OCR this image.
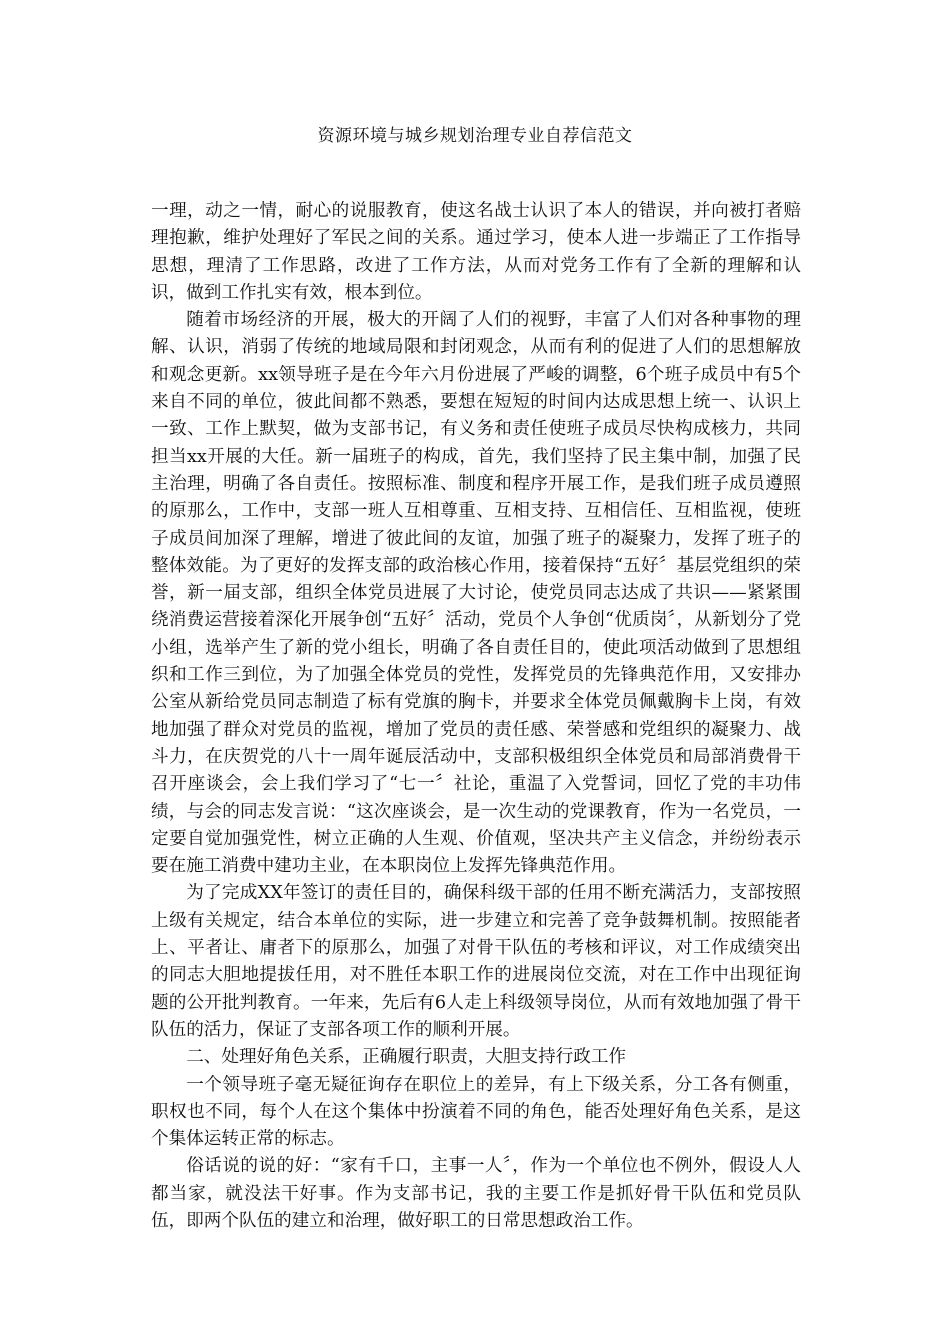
资源环境与城乡规划治理专业自荐信范文

一理，动之一情，耐心的说服教育，使这名战士认识了本人的错误，并向被打者赔理抱歉，维护处理好了军民之间的关系。通过学习，使本人进一步端正了工作指导思想，理清了工作思路，改进了工作方法，从而对党务工作有了全新的理解和认识，做到工作扎实有效，根本到位。

随着市场经济的开展，极大的开阔了人们的视野，丰富了人们对各种事物的理解、认识，消弱了传统的地域局限和封闭观念，从而有利的促进了人们的思想解放和观念更新。xx领导班子是在今年六月份进展了严峻的调整，6个班子成员中有5个来自不同的单位，彼此间都不熟悉，要想在短短的时间内达成思想上统一、认识上一致、工作上默契，做为支部书记，有义务和责任使班子成员尽快构成核力，共同担当xx开展的大任。新一届班子的构成，首先，我们坚持了民主集中制，加强了民主治理，明确了各自责任。按照标准、制度和程序开展工作，是我们班子成员遵照的原那么，工作中，支部一班人互相尊重、互相支持、互相信任、互相监视，使班子成员间加深了理解，增进了彼此间的友谊，加强了班子的凝聚力，发挥了班子的整体效能。为了更好的发挥支部的政治核心作用，接着保持“五好〞基层党组织的荣誉，新一届支部，组织全体党员进展了大讨论，使党员同志达成了共识——紧紧围绕消费运营接着深化开展争创“五好〞活动，党员个人争创“优质岗〞，从新划分了党小组，选举产生了新的党小组长，明确了各自责任目的，使此项活动做到了思想组织和工作三到位，为了加强全体党员的党性，发挥党员的先锋典范作用，又安排办公室从新给党员同志制造了标有党旗的胸卡，并要求全体党员佩戴胸卡上岗，有效地加强了群众对党员的监视，增加了党员的责任感、荣誉感和党组织的凝聚力、战斗力，在庆贺党的八十一周年诞辰活动中，支部积极组织全体党员和局部消费骨干召开座谈会，会上我们学习了“七一〞社论，重温了入党誓词，回忆了党的丰功伟绩，与会的同志发言说：“这次座谈会，是一次生动的党课教育，作为一名党员，一定要自觉加强党性，树立正确的人生观、价值观，坚决共产主义信念，并纷纷表示要在施工消费中建功主业，在本职岗位上发挥先锋典范作用。

为了完成XX年签订的责任目的，确保科级干部的任用不断充满活力，支部按照上级有关规定，结合本单位的实际，进一步建立和完善了竞争鼓舞机制。按照能者上、平者让、庸者下的原那么，加强了对骨干队伍的考核和评议，对工作成绩突出的同志大胆地提拔任用，对不胜任本职工作的进展岗位交流，对在工作中出现征询题的公开批判教育。一年来，先后有6人走上科级领导岗位，从而有效地加强了骨干队伍的活力，保证了支部各项工作的顺利开展。

二、处理好角色关系，正确履行职责，大胆支持行政工作

一个领导班子毫无疑征询存在职位上的差异，有上下级关系，分工各有侧重，职权也不同，每个人在这个集体中扮演着不同的角色，能否处理好角色关系，是这个集体运转正常的标志。

俗话说的说的好：“家有千口，主事一人〞，作为一个单位也不例外，假设人人都当家，就没法干好事。作为支部书记，我的主要工作是抓好骨干队伍和党员队伍，即两个队伍的建立和治理，做好职工的日常思想政治工作。
